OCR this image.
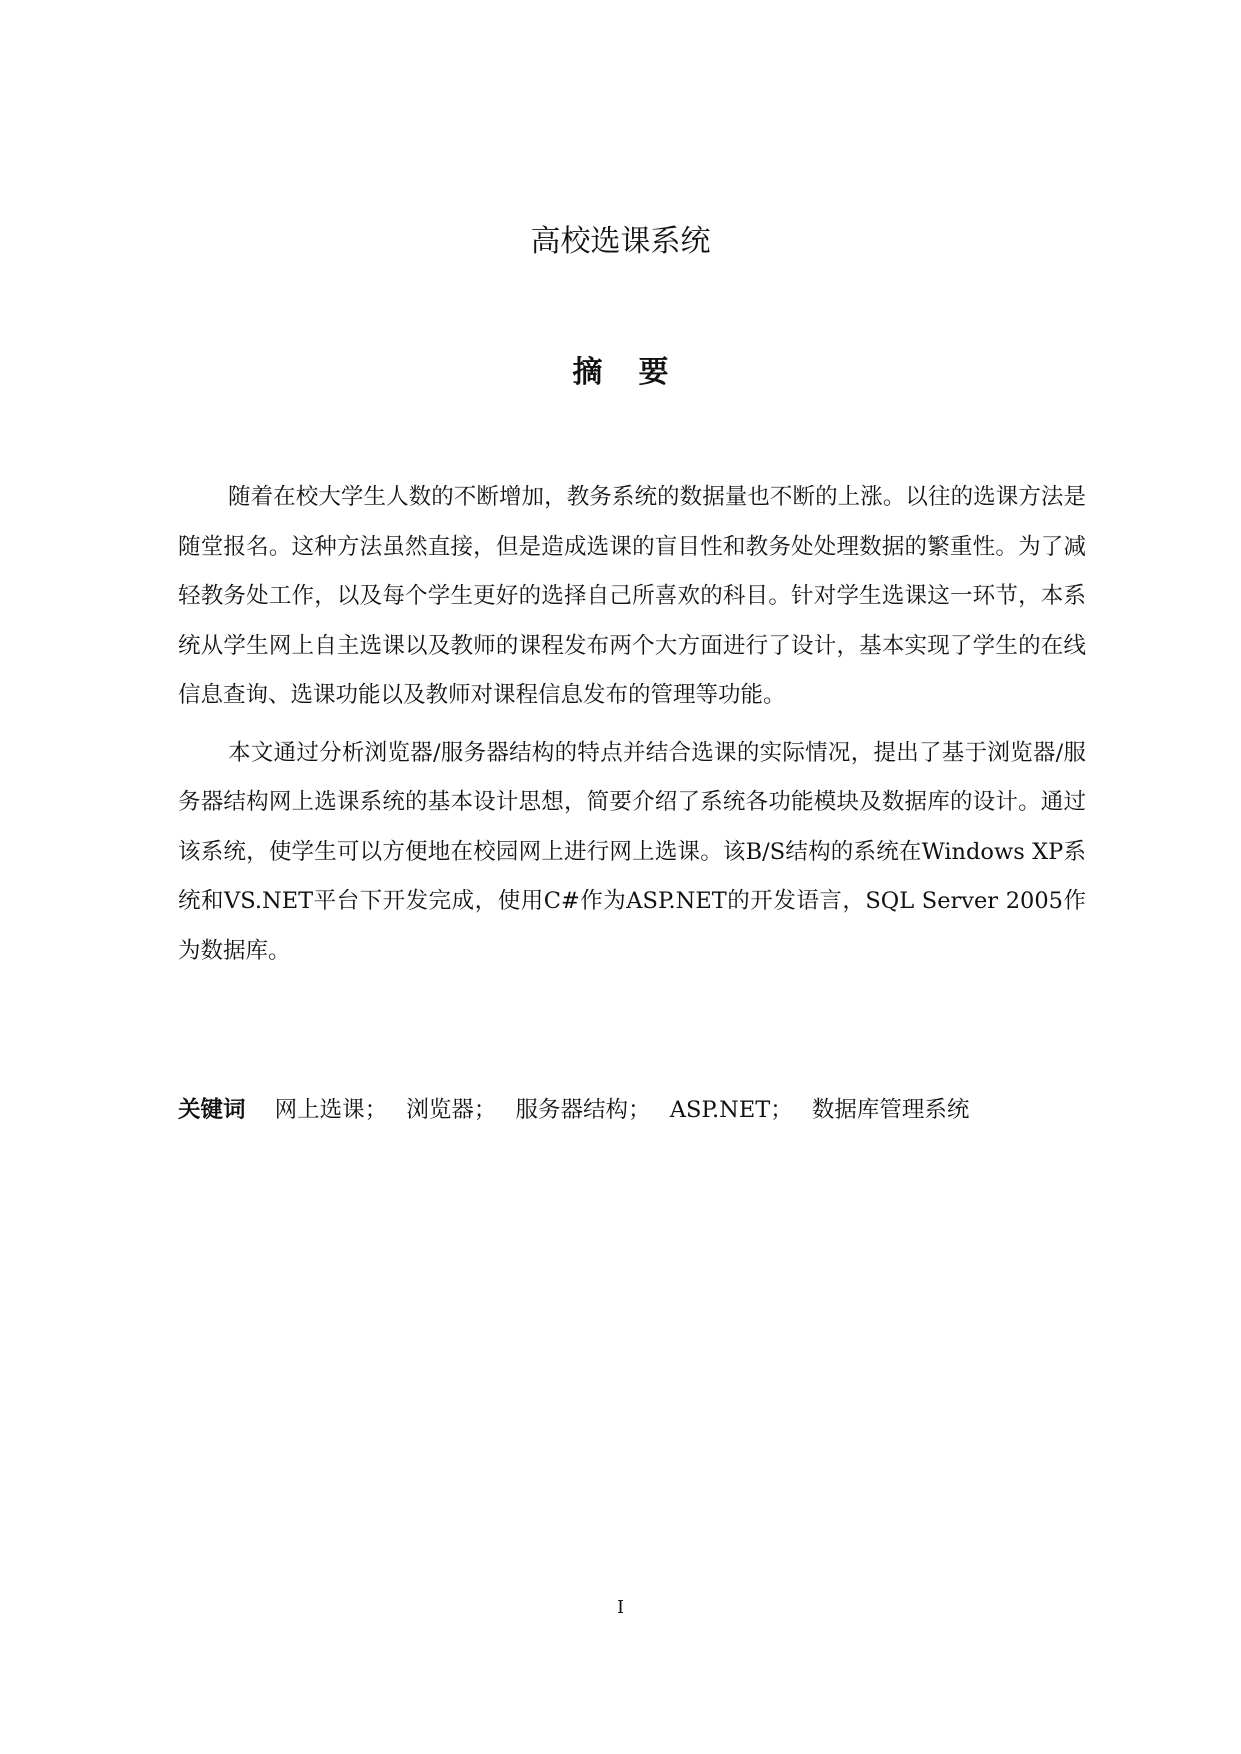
高校选课系统
摘要

随着在校大学生人数的不断增加，教务系统的数据量也不断的上涨。以往的选课方法是随堂报名。这种方法虽然直接，但是造成选课的盲目性和教务处处理数据的繁重性。为了减轻教务处工作，以及每个学生更好的选择自己所喜欢的科目。针对学生选课这一环节，本系统从学生网上自主选课以及教师的课程发布两个大方面进行了设计，基本实现了学生的在线信息查询、选课功能以及教师对课程信息发布的管理等功能。

本文通过分析浏览器/服务器结构的特点并结合选课的实际情况，提出了基于浏览器/服务器结构网上选课系统的基本设计思想，简要介绍了系统各功能模块及数据库的设计。通过该系统，使学生可以方便地在校园网上进行网上选课。该B/S结构的系统在Windows XP系统和VS.NET平台下开发完成，使用C#作为ASP.NET的开发语言，SQL Server 2005作为数据库。

关键词 网上选课； 浏览器； 服务器结构； ASP.NET； 数据库管理系统
I
